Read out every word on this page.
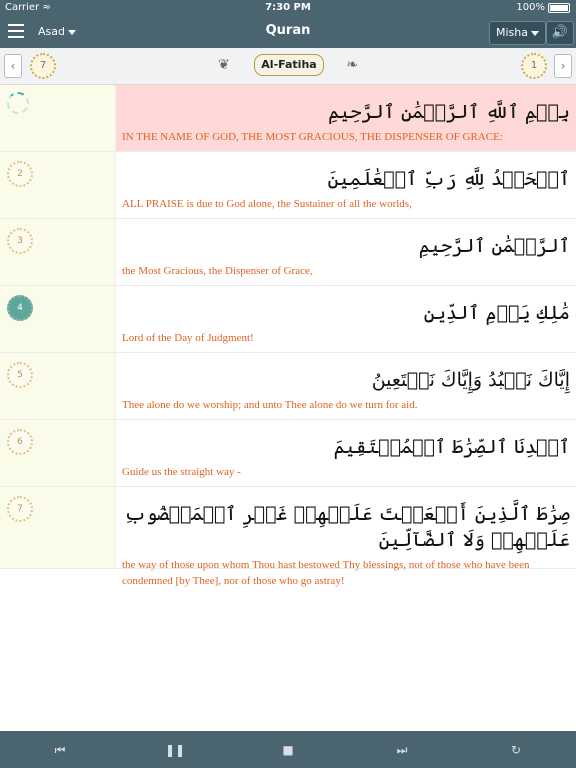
Carrier ≈	7:30 PM	100%
Asad	Quran	Misha	🔊
‹	7	❦	Al-Fatiha	❧	1	›
بِسۡمِ ٱللَّهِ ٱلرَّحۡمَٰنِ ٱلرَّحِيمِ
IN THE NAME OF GOD, THE MOST GRACIOUS, THE DISPENSER OF GRACE:
2	ٱلۡحَمۡدُ لِلَّهِ رَبِّ ٱلۡعَٰلَمِينَ
ALL PRAISE is due to God alone, the Sustainer of all the worlds,
3	ٱلرَّحۡمَٰنِ ٱلرَّحِيمِ
the Most Gracious, the Dispenser of Grace,
4	مَٰلِكِ يَوۡمِ ٱلدِّينِ
Lord of the Day of Judgment!
5	إِيَّاكَ نَعۡبُدُ وَإِيَّاكَ نَسۡتَعِينُ
Thee alone do we worship; and unto Thee alone do we turn for aid.
6	ٱهۡدِنَا ٱلصِّرَٰطَ ٱلۡمُسۡتَقِيمَ
Guide us the straight way -
7	صِرَٰطَ ٱلَّذِينَ أَنۡعَمۡتَ عَلَيۡهِمۡ غَيۡرِ ٱلۡمَغۡضُوبِ عَلَيۡهِمۡ وَلَا ٱلضَّآلِّينَ
the way of those upon whom Thou hast bestowed Thy blessings, not of those who have been condemned [by Thee], nor of those who go astray!
⏮	❚❚	■	⏭	↻
